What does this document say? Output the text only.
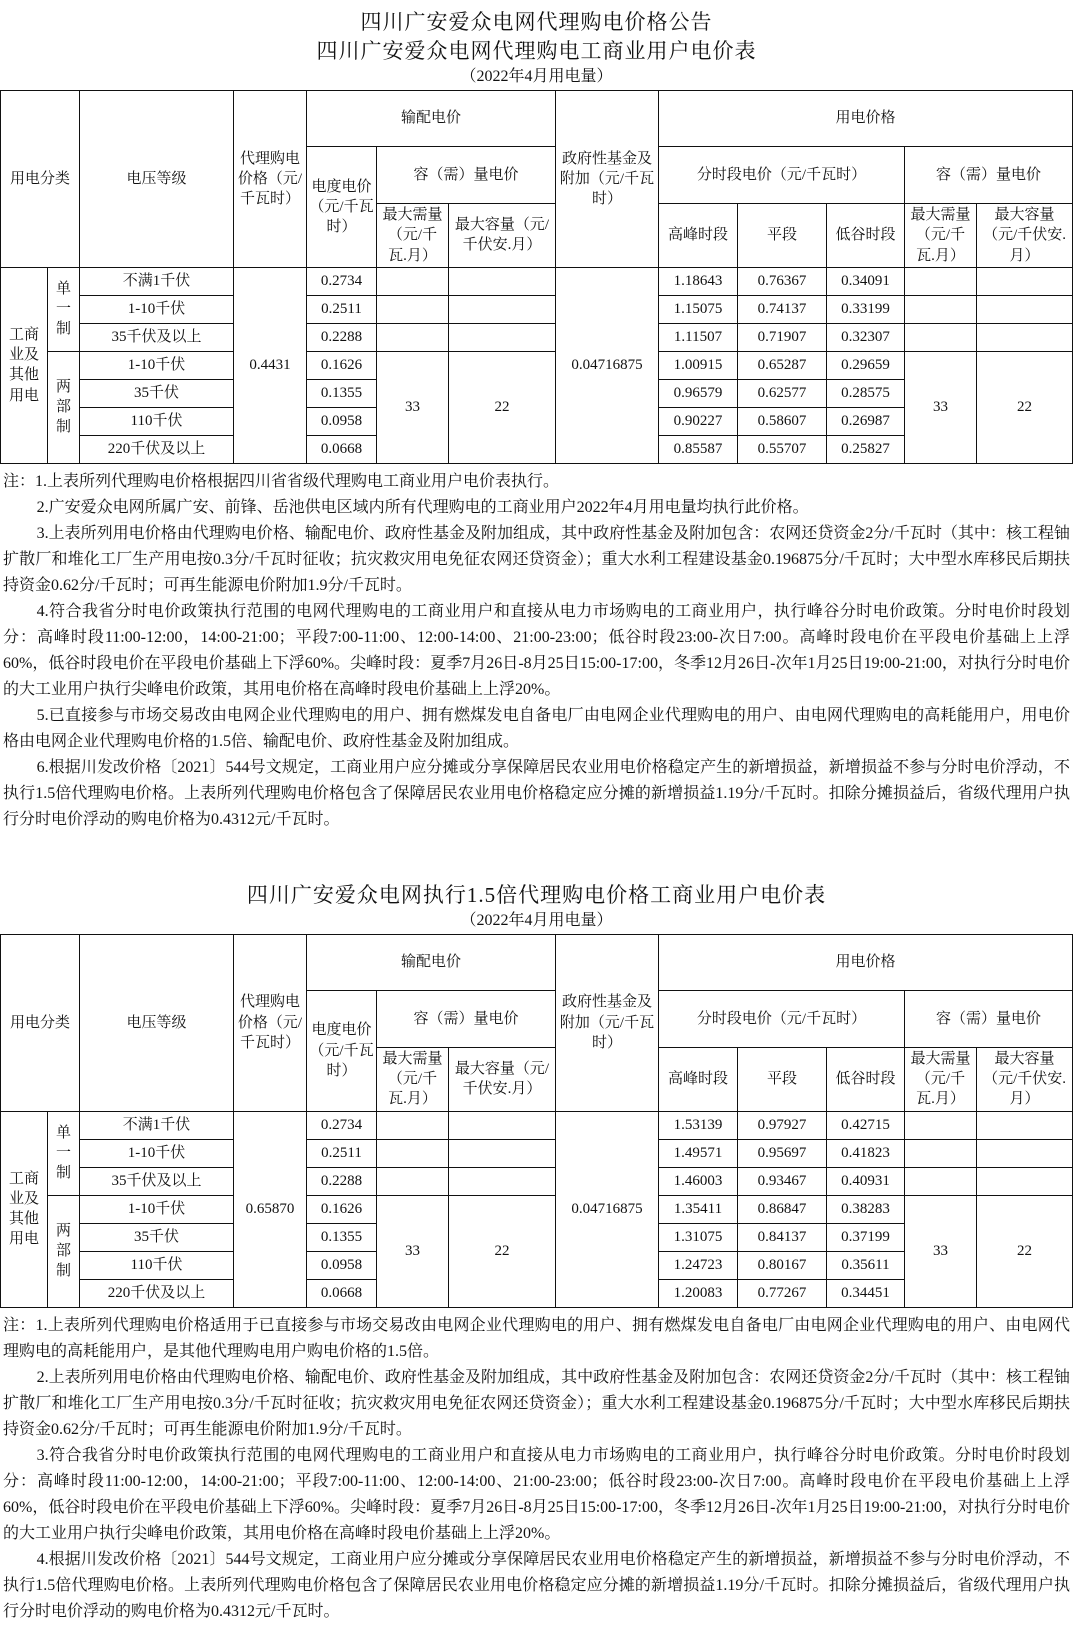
四川广安爱众电网代理购电价格公告
四川广安爱众电网代理购电工商业用户电价表
（2022年4月用电量）
用电分类		电压等级	代理购电价格（元/千瓦时）	输配电价			政府性基金及附加（元/千瓦时）	用电价格				
				电度电价（元/千瓦时）	容（需）量电价			分时段电价（元/千瓦时）			容（需）量电价	
					最大需量（元/千瓦.月）	最大容量（元/千伏安.月）		高峰时段	平段	低谷时段	最大需量（元/千瓦.月）	最大容量（元/千伏安.月）
工商业及其他用电	单一制	不满1千伏	0.4431	0.2734			0.04716875	1.18643	0.76367	0.34091		
		1-10千伏		0.2511				1.15075	0.74137	0.33199		
		35千伏及以上		0.2288				1.11507	0.71907	0.32307		
	两部制	1-10千伏		0.1626	33	22		1.00915	0.65287	0.29659	33	22
		35千伏		0.1355				0.96579	0.62577	0.28575		
		110千伏		0.0958				0.90227	0.58607	0.26987		
		220千伏及以上		0.0668				0.85587	0.55707	0.25827		

注：1.上表所列代理购电价格根据四川省省级代理购电工商业用户电价表执行。

2.广安爱众电网所属广安、前锋、岳池供电区域内所有代理购电的工商业用户2022年4月用电量均执行此价格。

3.上表所列用电价格由代理购电价格、输配电价、政府性基金及附加组成，其中政府性基金及附加包含：农网还贷资金2分/千瓦时（其中：核工程铀扩散厂和堆化工厂生产用电按0.3分/千瓦时征收；抗灾救灾用电免征农网还贷资金）；重大水利工程建设基金0.196875分/千瓦时；大中型水库移民后期扶持资金0.62分/千瓦时；可再生能源电价附加1.9分/千瓦时。

4.符合我省分时电价政策执行范围的电网代理购电的工商业用户和直接从电力市场购电的工商业用户，执行峰谷分时电价政策。分时电价时段划分：高峰时段11:00-12:00，14:00-21:00；平段7:00-11:00、12:00-14:00、21:00-23:00；低谷时段23:00-次日7:00。高峰时段电价在平段电价基础上上浮60%，低谷时段电价在平段电价基础上下浮60%。尖峰时段：夏季7月26日-8月25日15:00-17:00，冬季12月26日-次年1月25日19:00-21:00，对执行分时电价的大工业用户执行尖峰电价政策，其用电价格在高峰时段电价基础上上浮20%。

5.已直接参与市场交易改由电网企业代理购电的用户、拥有燃煤发电自备电厂由电网企业代理购电的用户、由电网代理购电的高耗能用户，用电价格由电网企业代理购电价格的1.5倍、输配电价、政府性基金及附加组成。

6.根据川发改价格〔2021〕544号文规定，工商业用户应分摊或分享保障居民农业用电价格稳定产生的新增损益，新增损益不参与分时电价浮动，不执行1.5倍代理购电价格。上表所列代理购电价格包含了保障居民农业用电价格稳定应分摊的新增损益1.19分/千瓦时。扣除分摊损益后，省级代理用户执行分时电价浮动的购电价格为0.4312元/千瓦时。

四川广安爱众电网执行1.5倍代理购电价格工商业用户电价表
（2022年4月用电量）
用电分类		电压等级	代理购电价格（元/千瓦时）	输配电价			政府性基金及附加（元/千瓦时）	用电价格				
				电度电价（元/千瓦时）	容（需）量电价			分时段电价（元/千瓦时）			容（需）量电价	
					最大需量（元/千瓦.月）	最大容量（元/千伏安.月）		高峰时段	平段	低谷时段	最大需量（元/千瓦.月）	最大容量（元/千伏安.月）
工商业及其他用电	单一制	不满1千伏	0.65870	0.2734			0.04716875	1.53139	0.97927	0.42715		
		1-10千伏		0.2511				1.49571	0.95697	0.41823		
		35千伏及以上		0.2288				1.46003	0.93467	0.40931		
	两部制	1-10千伏		0.1626	33	22		1.35411	0.86847	0.38283	33	22
		35千伏		0.1355				1.31075	0.84137	0.37199		
		110千伏		0.0958				1.24723	0.80167	0.35611		
		220千伏及以上		0.0668				1.20083	0.77267	0.34451		

注：1.上表所列代理购电价格适用于已直接参与市场交易改由电网企业代理购电的用户、拥有燃煤发电自备电厂由电网企业代理购电的用户、由电网代理购电的高耗能用户，是其他代理购电用户购电价格的1.5倍。

2.上表所列用电价格由代理购电价格、输配电价、政府性基金及附加组成，其中政府性基金及附加包含：农网还贷资金2分/千瓦时（其中：核工程铀扩散厂和堆化工厂生产用电按0.3分/千瓦时征收；抗灾救灾用电免征农网还贷资金）；重大水利工程建设基金0.196875分/千瓦时；大中型水库移民后期扶持资金0.62分/千瓦时；可再生能源电价附加1.9分/千瓦时。

3.符合我省分时电价政策执行范围的电网代理购电的工商业用户和直接从电力市场购电的工商业用户，执行峰谷分时电价政策。分时电价时段划分：高峰时段11:00-12:00，14:00-21:00；平段7:00-11:00、12:00-14:00、21:00-23:00；低谷时段23:00-次日7:00。高峰时段电价在平段电价基础上上浮60%，低谷时段电价在平段电价基础上下浮60%。尖峰时段：夏季7月26日-8月25日15:00-17:00，冬季12月26日-次年1月25日19:00-21:00，对执行分时电价的大工业用户执行尖峰电价政策，其用电价格在高峰时段电价基础上上浮20%。

4.根据川发改价格〔2021〕544号文规定，工商业用户应分摊或分享保障居民农业用电价格稳定产生的新增损益，新增损益不参与分时电价浮动，不执行1.5倍代理购电价格。上表所列代理购电价格包含了保障居民农业用电价格稳定应分摊的新增损益1.19分/千瓦时。扣除分摊损益后，省级代理用户执行分时电价浮动的购电价格为0.4312元/千瓦时。
